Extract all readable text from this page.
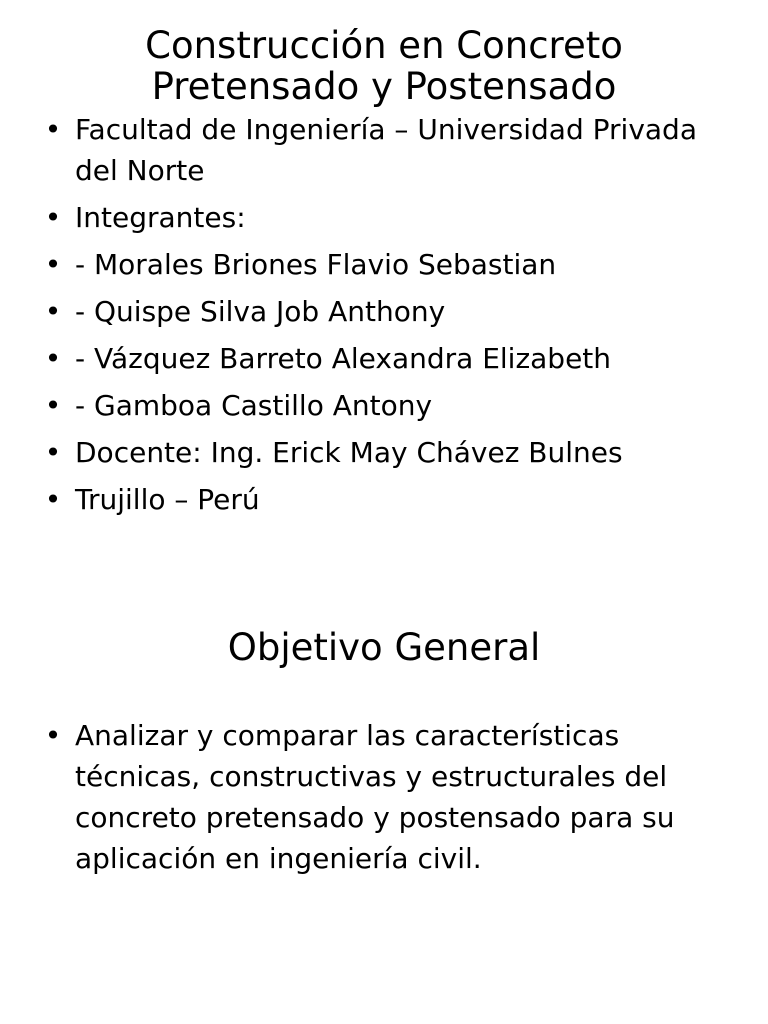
Construcción en Concreto
Pretensado y Postensado
• Facultad de Ingeniería – Universidad Privada
del Norte
• Integrantes:
• - Morales Briones Flavio Sebastian
• - Quispe Silva Job Anthony
• - Vázquez Barreto Alexandra Elizabeth
• - Gamboa Castillo Antony
• Docente: Ing. Erick May Chávez Bulnes
• Trujillo – Perú
Objetivo General
• Analizar y comparar las características
técnicas, constructivas y estructurales del
concreto pretensado y postensado para su
aplicación en ingeniería civil.
